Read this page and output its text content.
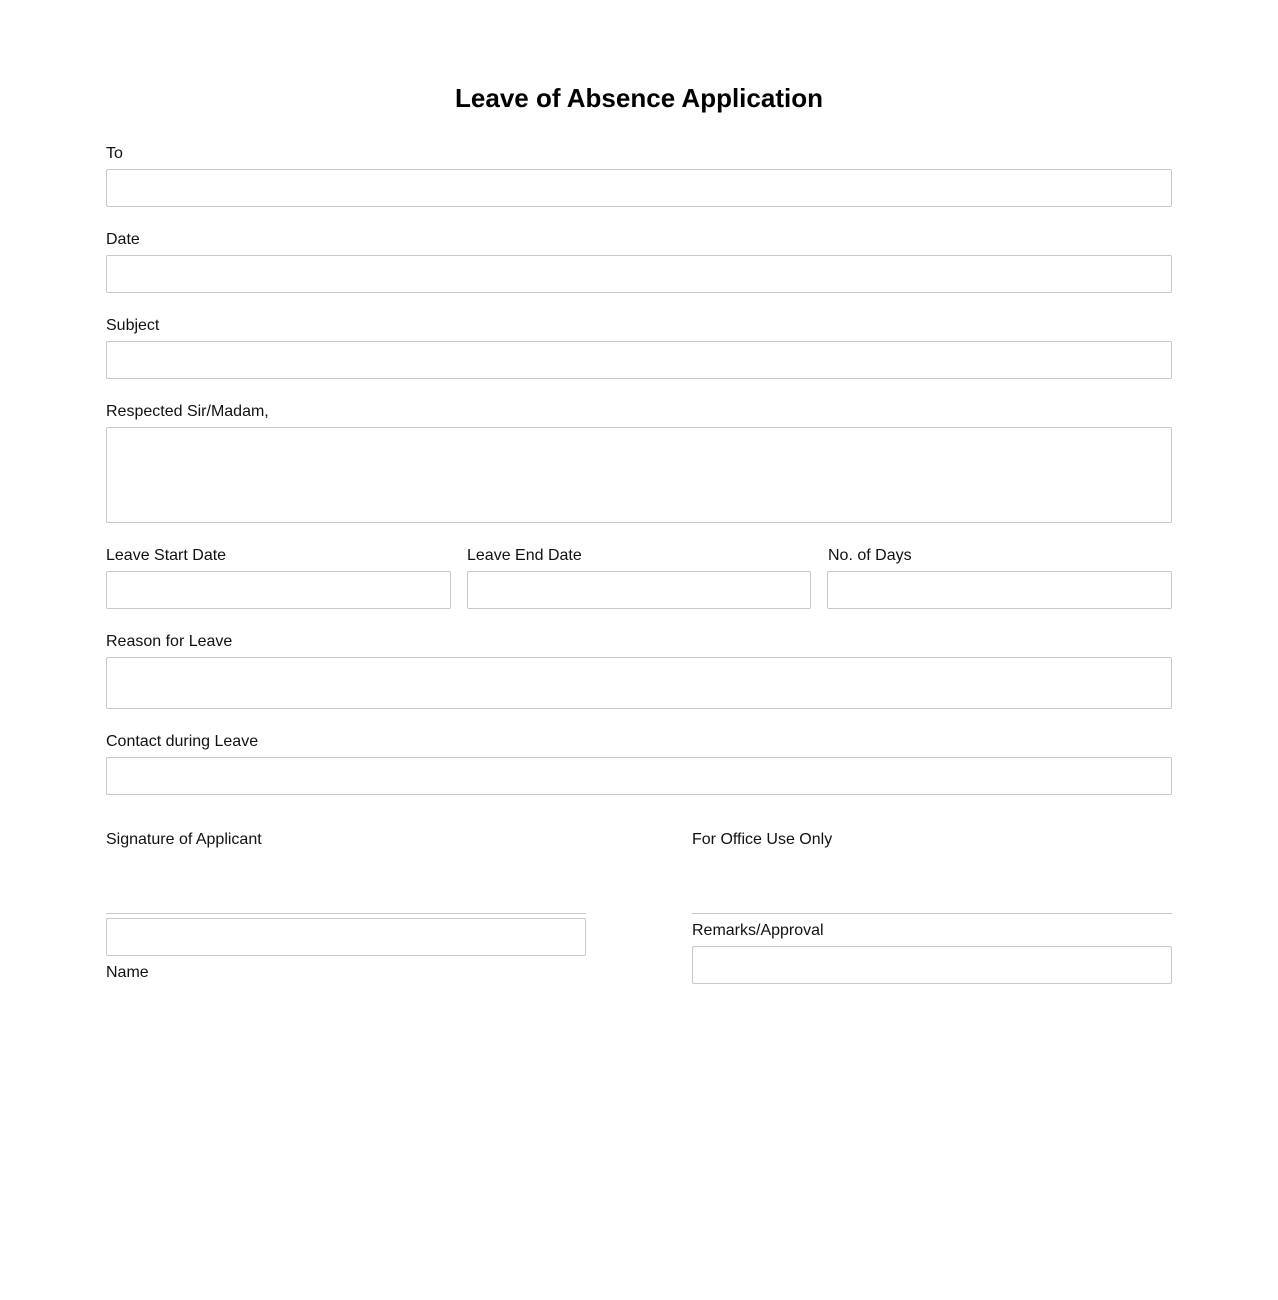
Leave of Absence Application
To
Date
Subject
Respected Sir/Madam,
Leave Start Date	Leave End Date	No. of Days
Reason for Leave
Contact during Leave
Signature of Applicant
Name
For Office Use Only
Remarks/Approval
